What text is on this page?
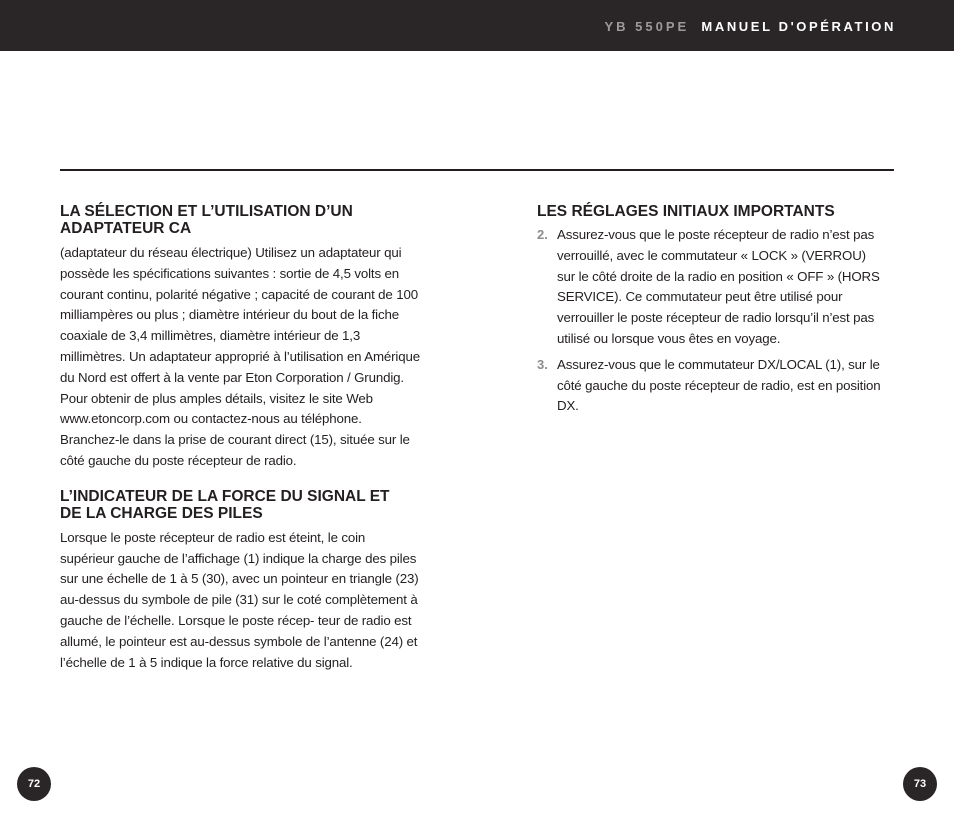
YB 550PE MANUEL D'OPÉRATION
LA SÉLECTION ET L’UTILISATION D’UN ADAPTATEUR CA

(adaptateur du réseau électrique) Utilisez un adaptateur qui possède les spécifications suivantes : sortie de 4,5 volts en courant continu, polarité négative ; capacité de courant de 100 milliampères ou plus ; diamètre intérieur du bout de la fiche coaxiale de 3,4 millimètres, diamètre intérieur de 1,3 millimètres. Un adaptateur approprié à l’utilisation en Amérique du Nord est offert à la vente par Eton Corporation / Grundig. Pour obtenir de plus amples détails, visitez le site Web www.etoncorp.com ou contactez-nous au téléphone. Branchez-le dans la prise de courant direct (15), située sur le côté gauche du poste récepteur de radio.

L’INDICATEUR DE LA FORCE DU SIGNAL ET DE LA CHARGE DES PILES

Lorsque le poste récepteur de radio est éteint, le coin supérieur gauche de l’affichage (1) indique la charge des piles sur une échelle de 1 à 5 (30), avec un pointeur en triangle (23) au-dessus du symbole de pile (31) sur le coté complètement à gauche de l’échelle. Lorsque le poste récep- teur de radio est allumé, le pointeur est au-dessus symbole de l’antenne (24) et l’échelle de 1 à 5 indique la force relative du signal.

LES RÉGLAGES INITIAUX IMPORTANTS
2. Assurez-vous que le poste récepteur de radio n’est pas verrouillé, avec le commutateur « LOCK » (VERROU) sur le côté droite de la radio en position « OFF » (HORS SERVICE). Ce commutateur peut être utilisé pour verrouiller le poste récepteur de radio lorsqu’il n’est pas utilisé ou lorsque vous êtes en voyage.
3. Assurez-vous que le commutateur DX/LOCAL (1), sur le côté gauche du poste récepteur de radio, est en position DX.
72	73
